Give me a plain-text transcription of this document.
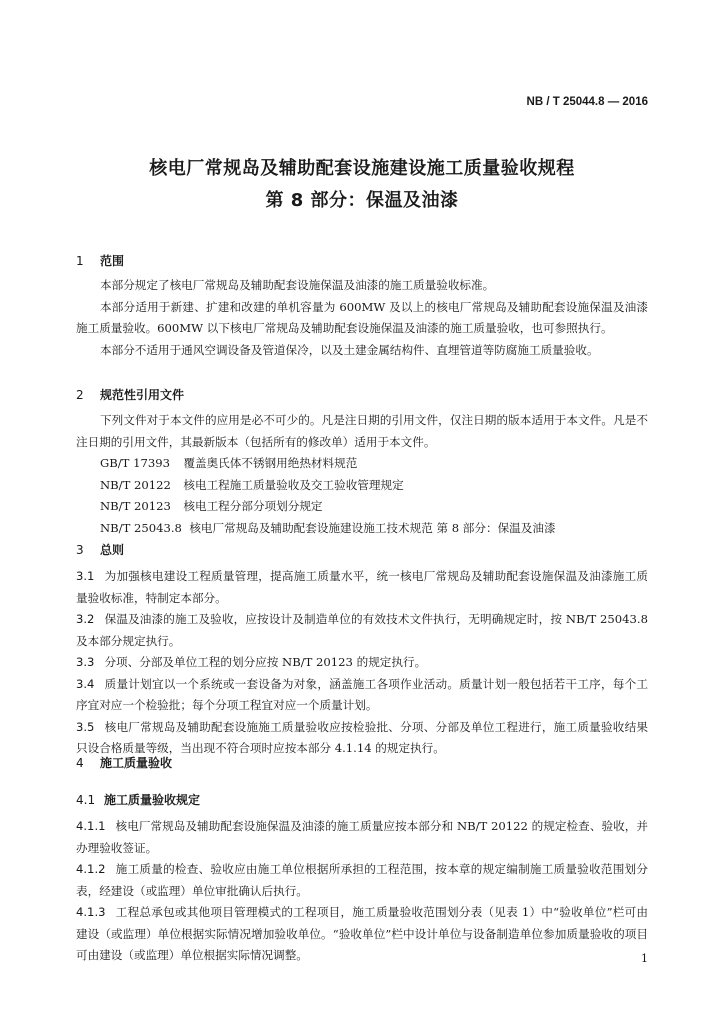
NB / T 25044.8 — 2016
核电厂常规岛及辅助配套设施建设施工质量验收规程
第 8 部分：保温及油漆
1 范围

本部分规定了核电厂常规岛及辅助配套设施保温及油漆的施工质量验收标准。

本部分适用于新建、扩建和改建的单机容量为 600MW 及以上的核电厂常规岛及辅助配套设施保温及油漆施工质量验收。600MW 以下核电厂常规岛及辅助配套设施保温及油漆的施工质量验收，也可参照执行。

本部分不适用于通风空调设备及管道保冷，以及土建金属结构件、直埋管道等防腐施工质量验收。

2 规范性引用文件

下列文件对于本文件的应用是必不可少的。凡是注日期的引用文件，仅注日期的版本适用于本文件。凡是不注日期的引用文件，其最新版本（包括所有的修改单）适用于本文件。

GB/T 17393 覆盖奥氏体不锈钢用绝热材料规范

NB/T 20122 核电工程施工质量验收及交工验收管理规定

NB/T 20123 核电工程分部分项划分规定

NB/T 25043.8 核电厂常规岛及辅助配套设施建设施工技术规范 第 8 部分：保温及油漆

3 总则

3.1 为加强核电建设工程质量管理，提高施工质量水平，统一核电厂常规岛及辅助配套设施保温及油漆施工质量验收标准，特制定本部分。

3.2 保温及油漆的施工及验收，应按设计及制造单位的有效技术文件执行，无明确规定时，按 NB/T 25043.8 及本部分规定执行。

3.3 分项、分部及单位工程的划分应按 NB/T 20123 的规定执行。

3.4 质量计划宜以一个系统或一套设备为对象，涵盖施工各项作业活动。质量计划一般包括若干工序，每个工序宜对应一个检验批；每个分项工程宜对应一个质量计划。

3.5 核电厂常规岛及辅助配套设施施工质量验收应按检验批、分项、分部及单位工程进行，施工质量验收结果只设合格质量等级，当出现不符合项时应按本部分 4.1.14 的规定执行。

4 施工质量验收
4.1 施工质量验收规定

4.1.1 核电厂常规岛及辅助配套设施保温及油漆的施工质量应按本部分和 NB/T 20122 的规定检查、验收，并办理验收签证。

4.1.2 施工质量的检查、验收应由施工单位根据所承担的工程范围，按本章的规定编制施工质量验收范围划分表，经建设（或监理）单位审批确认后执行。

4.1.3 工程总承包或其他项目管理模式的工程项目，施工质量验收范围划分表（见表 1）中“验收单位”栏可由建设（或监理）单位根据实际情况增加验收单位。“验收单位”栏中设计单位与设备制造单位参加质量验收的项目可由建设（或监理）单位根据实际情况调整。	1
